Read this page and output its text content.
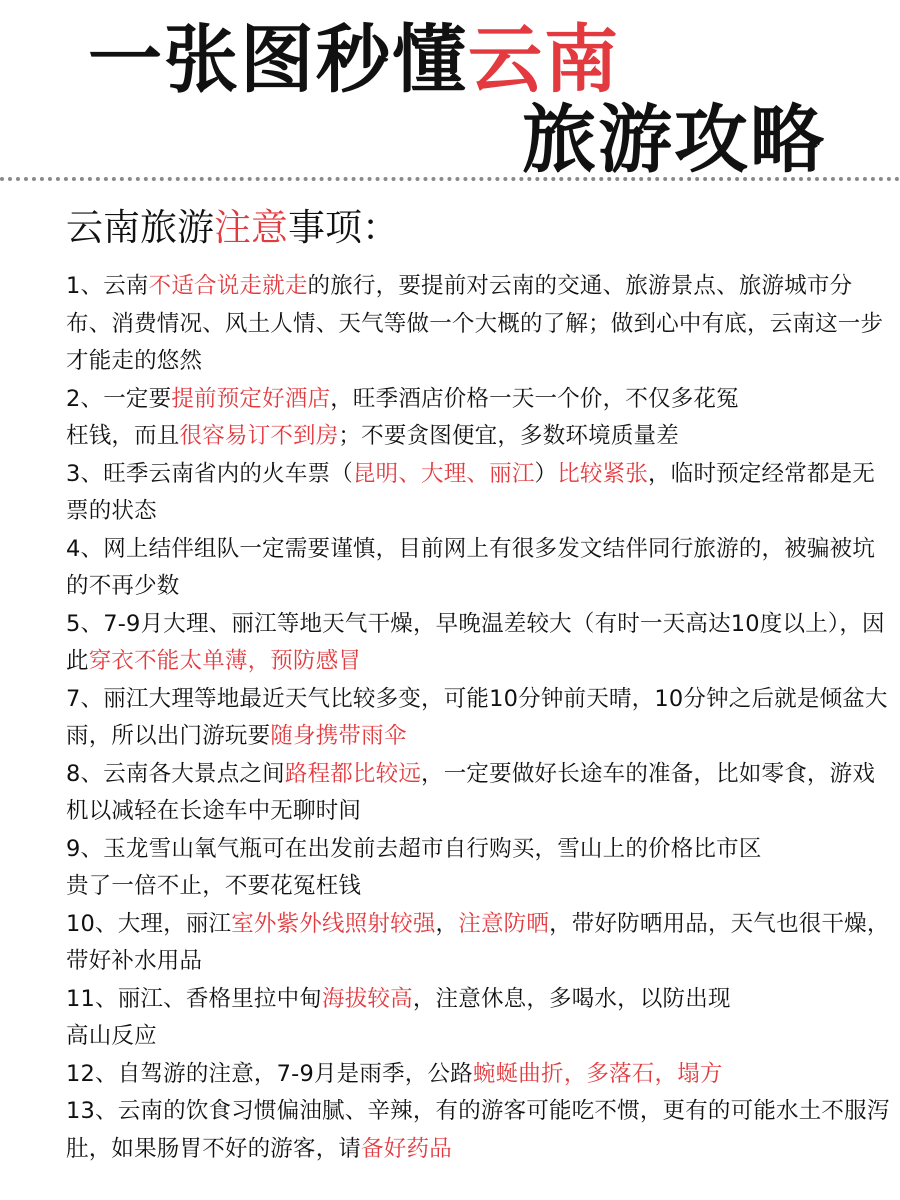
一张图秒懂云南
旅游攻略
云南旅游注意事项：

1、云南不适合说走就走的旅行，要提前对云南的交通、旅游景点、旅游城市分布、消费情况、风土人情、天气等做一个大概的了解；做到心中有底，云南这一步才能走的悠然

2、一定要提前预定好酒店，旺季酒店价格一天一个价，不仅多花冤
枉钱，而且很容易订不到房；不要贪图便宜，多数环境质量差

3、旺季云南省内的火车票（昆明、大理、丽江）比较紧张，临时预定经常都是无票的状态

4、网上结伴组队一定需要谨慎，目前网上有很多发文结伴同行旅游的，被骗被坑的不再少数

5、7-9月大理、丽江等地天气干燥，早晚温差较大（有时一天高达10度以上），因此穿衣不能太单薄，预防感冒

7、丽江大理等地最近天气比较多变，可能10分钟前天晴，10分钟之后就是倾盆大雨，所以出门游玩要随身携带雨伞

8、云南各大景点之间路程都比较远，一定要做好长途车的准备，比如零食，游戏机以减轻在长途车中无聊时间

9、玉龙雪山氧气瓶可在出发前去超市自行购买，雪山上的价格比市区
贵了一倍不止，不要花冤枉钱

10、大理，丽江室外紫外线照射较强，注意防晒，带好防晒用品，天气也很干燥，带好补水用品

11、丽江、香格里拉中甸海拔较高，注意休息，多喝水，以防出现
高山反应

12、自驾游的注意，7-9月是雨季，公路蜿蜒曲折，多落石，塌方

13、云南的饮食习惯偏油腻、辛辣，有的游客可能吃不惯，更有的可能水土不服泻肚，如果肠胃不好的游客，请备好药品
